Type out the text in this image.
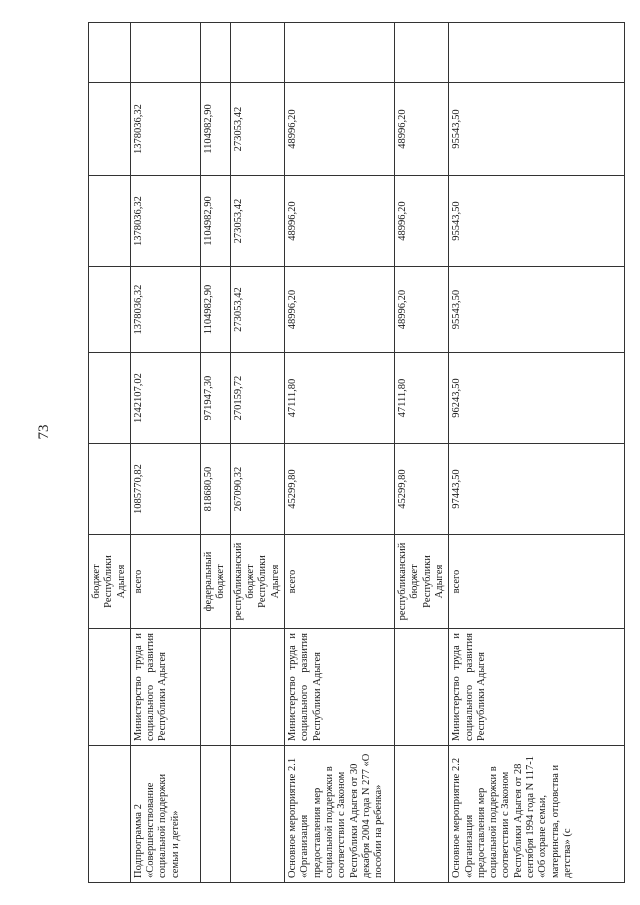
73
		бюджет Республики Адыгея						
Подпрограмма 2 «Совершенствование социальной поддержки семьи и детей»	Министерство труда и социального развития Республики Адыгея	всего	1085770,82	1242107,02	1378036,32	1378036,32	1378036,32	
		федеральный бюджет	818680,50	971947,30	1104982,90	1104982,90	1104982,90	
		республиканский бюджет Республики Адыгея	267090,32	270159,72	273053,42	273053,42	273053,42	
Основное мероприятие 2.1 «Организация предоставления мер социальной поддержки в соответствии с Законом Республики Адыгея от 30 декабря 2004 года N 277 «О пособии на ребенка»	Министерство труда и социального развития Республики Адыгея	всего	45299,80	47111,80	48996,20	48996,20	48996,20	
		республиканский бюджет Республики Адыгея	45299,80	47111,80	48996,20	48996,20	48996,20	
Основное мероприятие 2.2 «Организация предоставления мер социальной поддержки в соответствии с Законом Республики Адыгея от 28 сентября 1994 года N 117-1 «Об охране семьи, материнства, отцовства и детства» (с	Министерство труда и социального развития Республики Адыгея	всего	97443,50	96243,50	95543,50	95543,50	95543,50	
